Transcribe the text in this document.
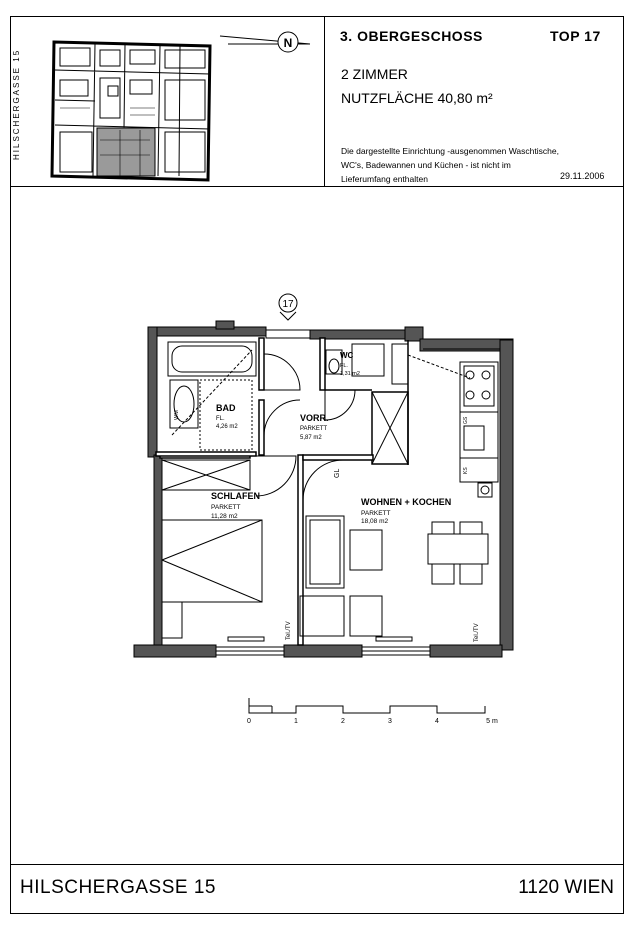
3. OBERGESCHOSS	TOP 17
2 ZIMMER
NUTZFLÄCHE 40,80 m²
Die dargestellte Einrichtung -ausgenommen Waschtische, WC's, Badewannen und Küchen - ist nicht im Lieferumfang enthalten	29.11.2006
HILSCHERGASSE 15
HILSCHERGASSE 15	1120 WIEN
N
17
BAD
FL.
4,26 m2
WC
FL.
1,31 m2
VORR.
PARKETT
5,87 m2
SCHLAFEN
PARKETT
11,28 m2
WOHNEN + KOCHEN
PARKETT
18,08 m2
GL
WM
Tel./TV	Tel./TV
KS
GS
0	1	2	3	4	5 m
